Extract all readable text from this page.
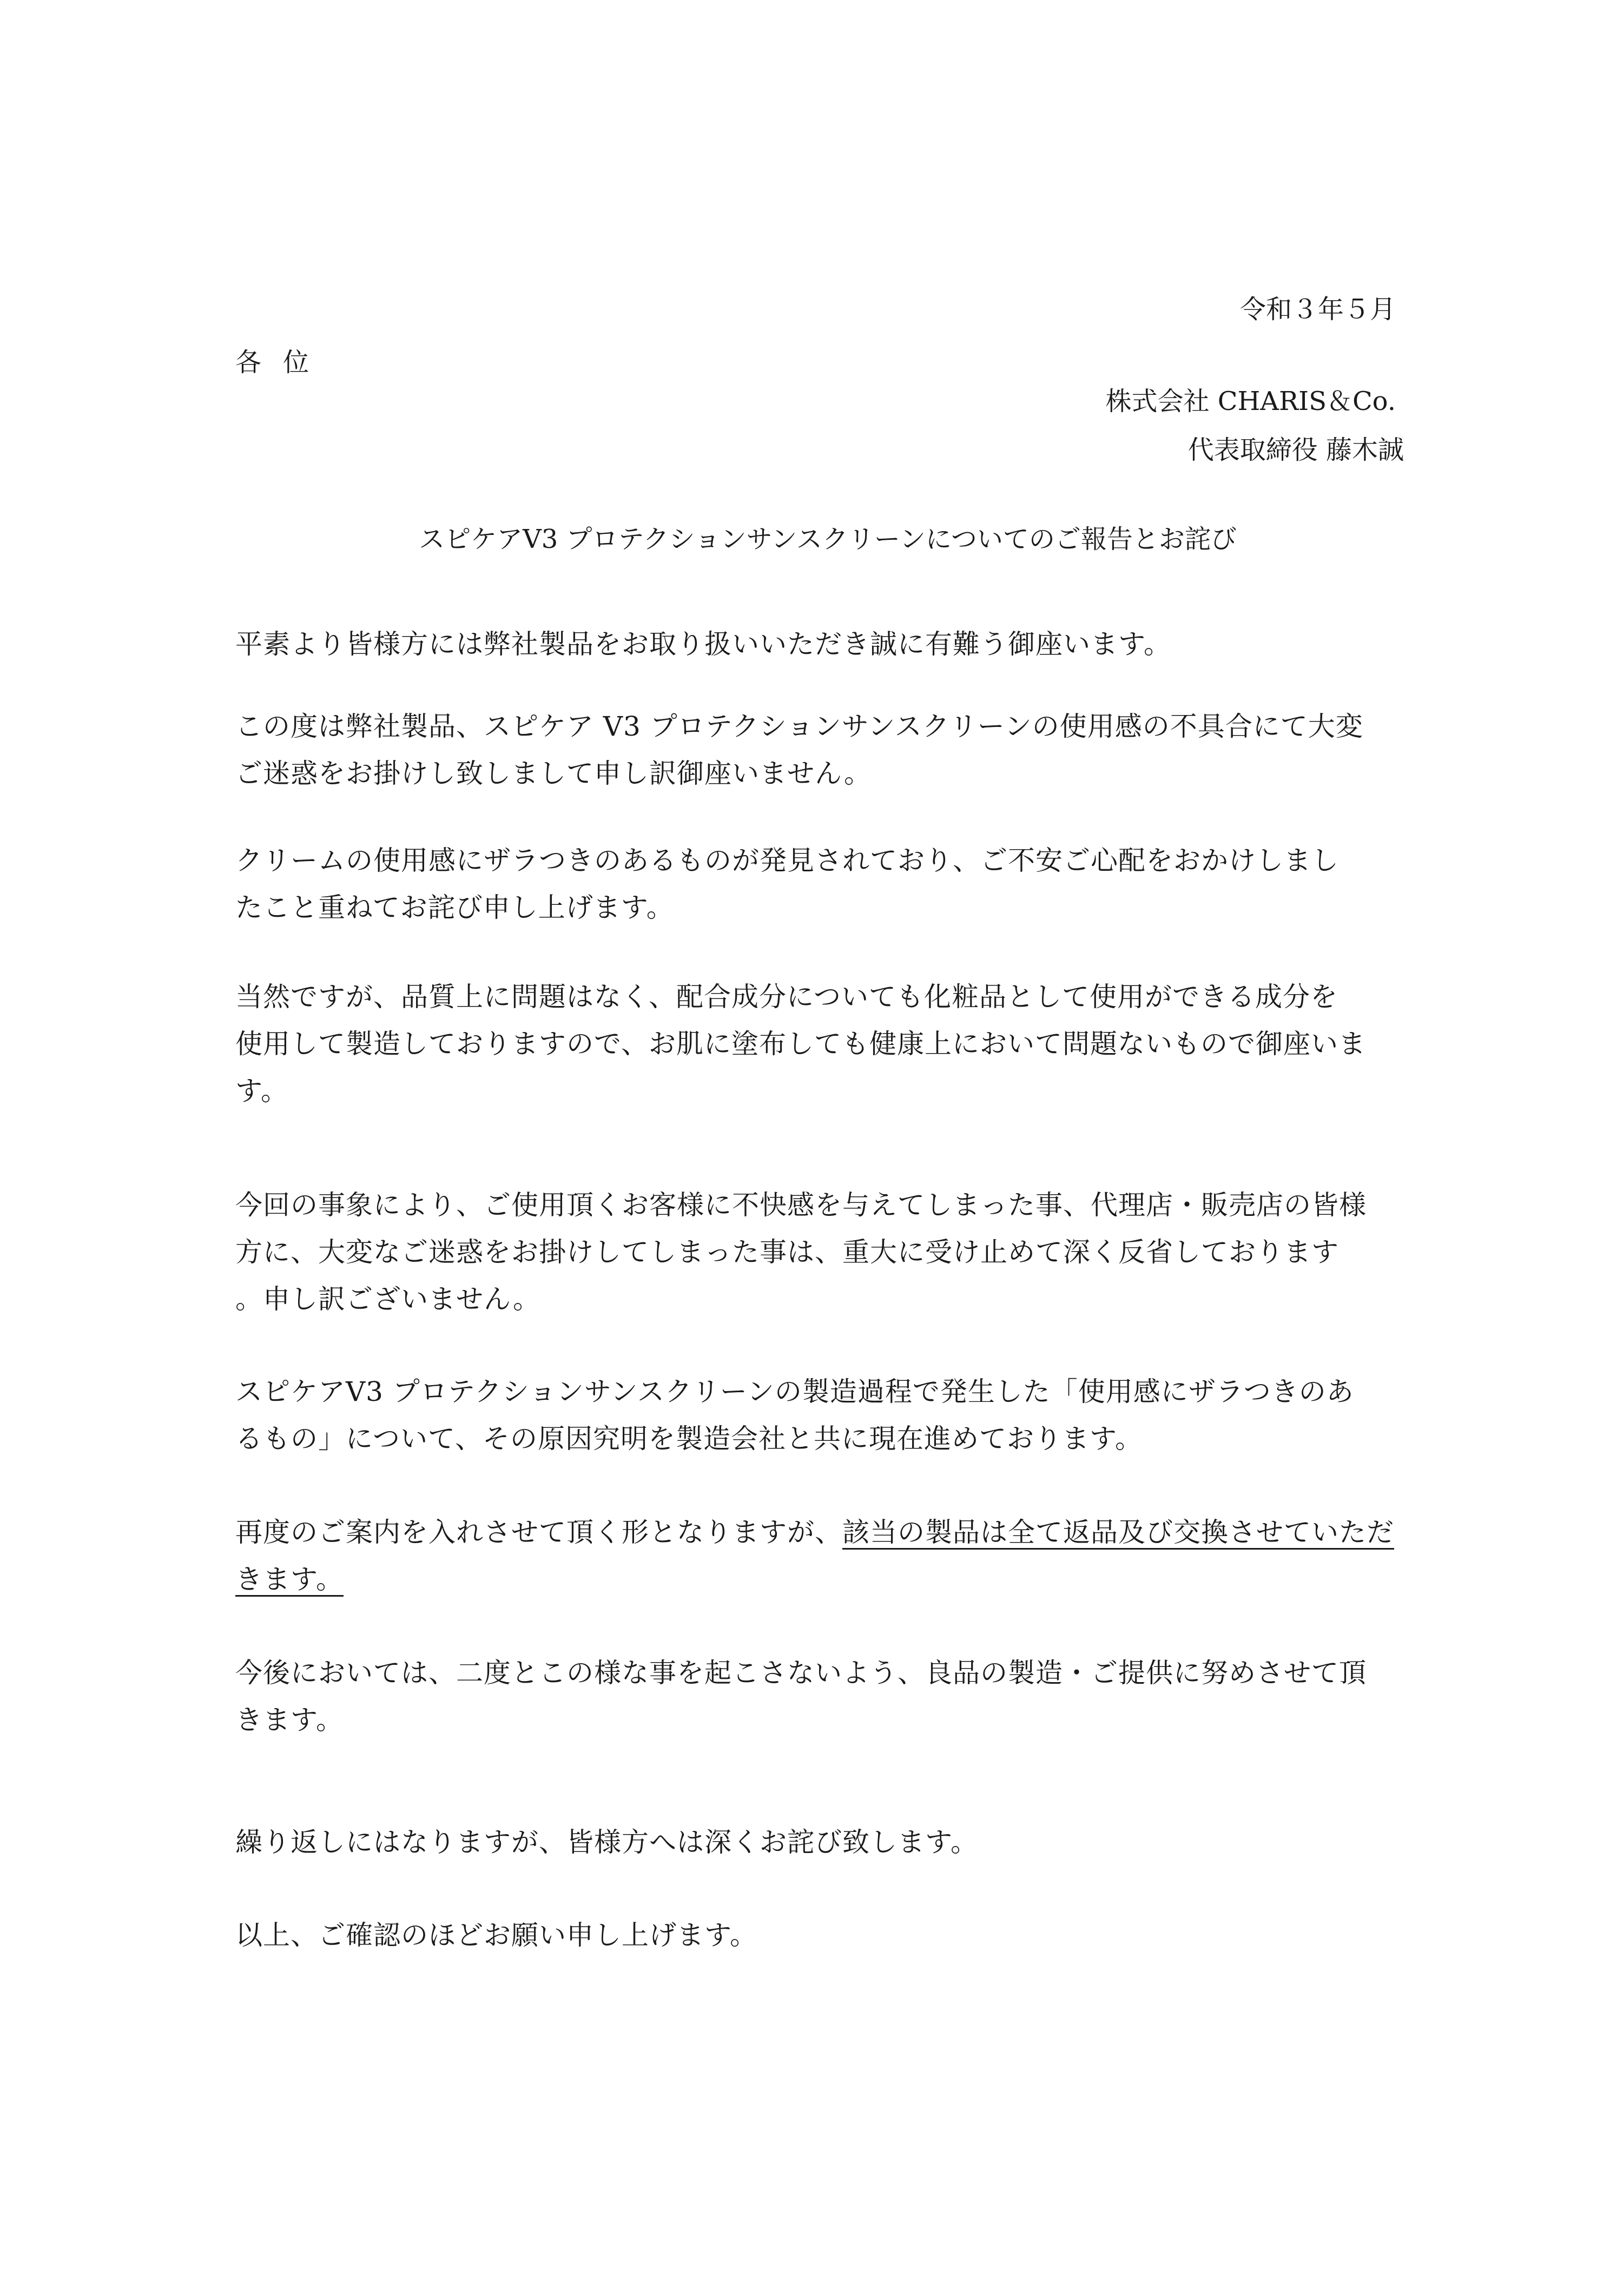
令和３年５月
各位
株式会社 CHARIS＆Co.
代表取締役 藤木誠
スピケアV3 プロテクションサンスクリーンについてのご報告とお詫び

平素より皆様方には弊社製品をお取り扱いいただき誠に有難う御座います。

この度は弊社製品、スピケア V3 プロテクションサンスクリーンの使用感の不具合にて大変
ご迷惑をお掛けし致しまして申し訳御座いません。

クリームの使用感にザラつきのあるものが発見されており、ご不安ご心配をおかけしまし
たこと重ねてお詫び申し上げます。

当然ですが、品質上に問題はなく、配合成分についても化粧品として使用ができる成分を
使用して製造しておりますので、お肌に塗布しても健康上において問題ないもので御座いま
す。

今回の事象により、ご使用頂くお客様に不快感を与えてしまった事、代理店・販売店の皆様
方に、大変なご迷惑をお掛けしてしまった事は、重大に受け止めて深く反省しております
。申し訳ございません。

スピケアV3 プロテクションサンスクリーンの製造過程で発生した「使用感にザラつきのあ
るもの」について、その原因究明を製造会社と共に現在進めております。

再度のご案内を入れさせて頂く形となりますが、該当の製品は全て返品及び交換させていただ
きます。

今後においては、二度とこの様な事を起こさないよう、良品の製造・ご提供に努めさせて頂
きます。

繰り返しにはなりますが、皆様方へは深くお詫び致します。

以上、ご確認のほどお願い申し上げます。
